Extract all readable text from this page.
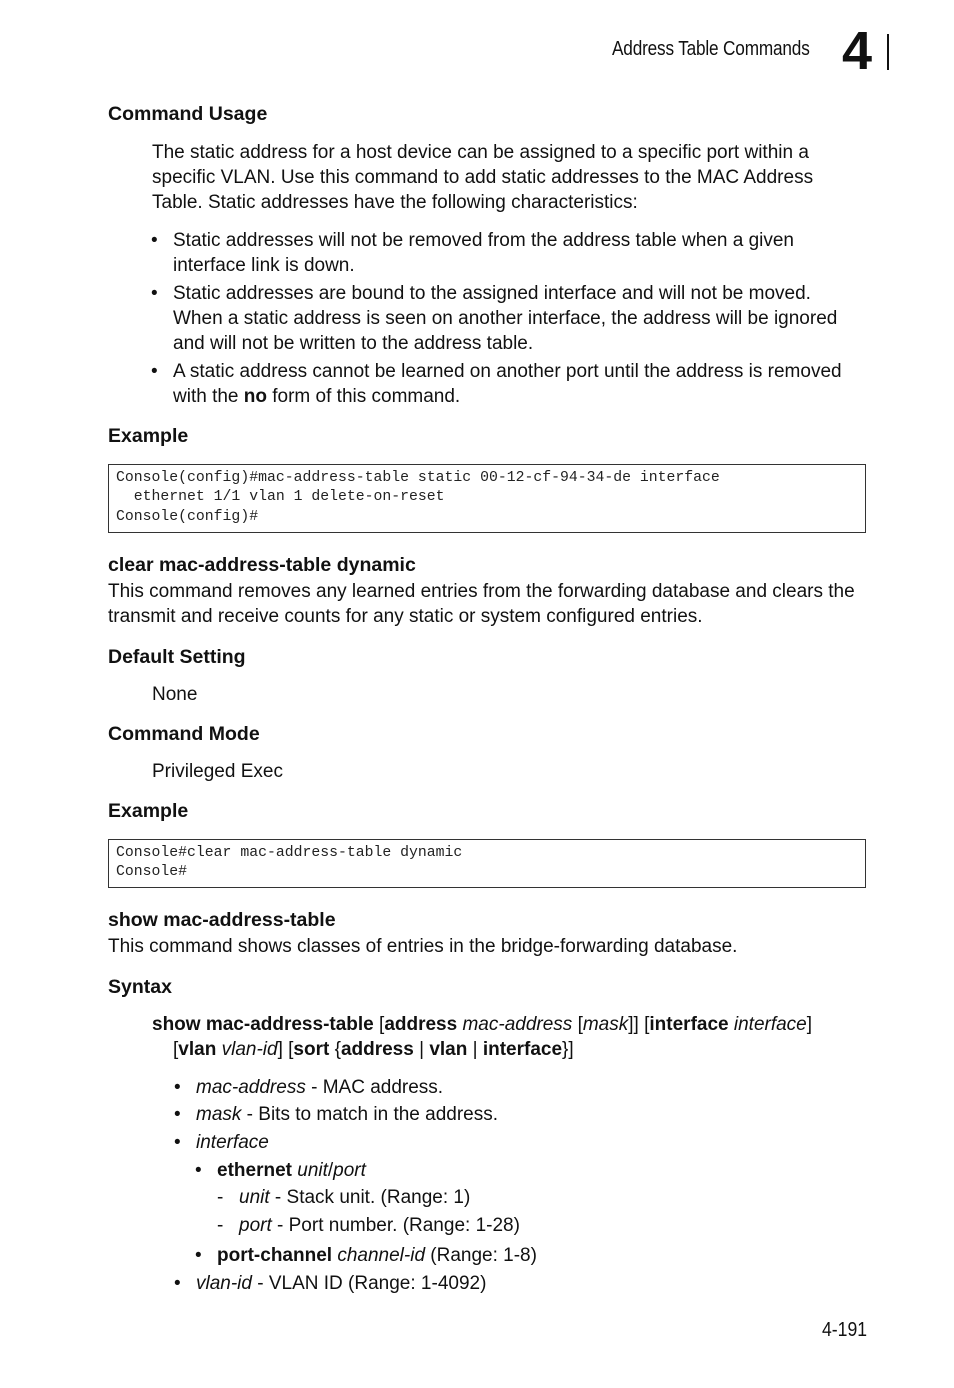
Address Table Commands 4
Command Usage
The static address for a host device can be assigned to a specific port within a specific VLAN. Use this command to add static addresses to the MAC Address Table. Static addresses have the following characteristics:
• Static addresses will not be removed from the address table when a given interface link is down.
• Static addresses are bound to the assigned interface and will not be moved. When a static address is seen on another interface, the address will be ignored and will not be written to the address table.
• A static address cannot be learned on another port until the address is removed with the no form of this command.
Example
Console(config)#mac-address-table static 00-12-cf-94-34-de interface
ethernet 1/1 vlan 1 delete-on-reset
Console(config)#
clear mac-address-table dynamic
This command removes any learned entries from the forwarding database and clears the transmit and receive counts for any static or system configured entries.
Default Setting
None
Command Mode
Privileged Exec
Example
Console#clear mac-address-table dynamic
Console#
show mac-address-table
This command shows classes of entries in the bridge-forwarding database.
Syntax
show mac-address-table [address mac-address [mask]] [interface interface]
[vlan vlan-id] [sort {address | vlan | interface}]
• mac-address - MAC address.
• mask - Bits to match in the address.
• interface
• ethernet unit/port
- unit - Stack unit. (Range: 1)
- port - Port number. (Range: 1-28)
• port-channel channel-id (Range: 1-8)
• vlan-id - VLAN ID (Range: 1-4092)
4-191
